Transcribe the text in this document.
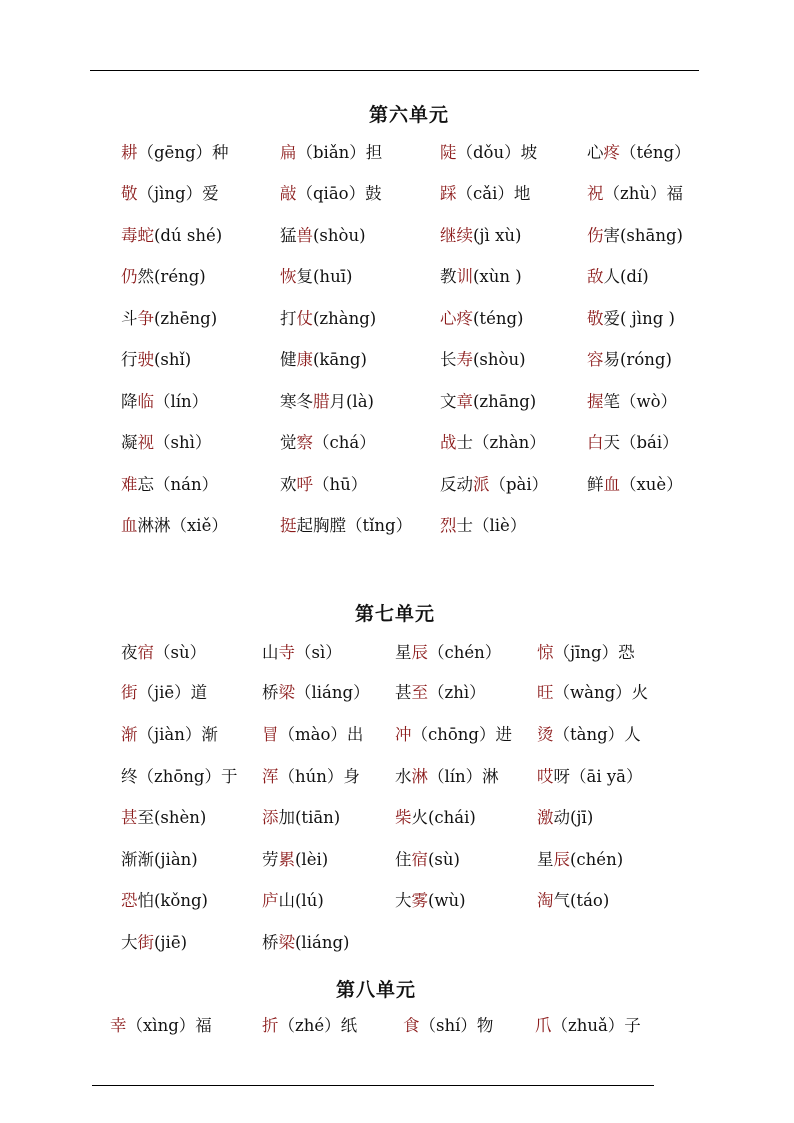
第六单元
第七单元
第八单元
耕（gēng）种	扁（biǎn）担	陡（dǒu）坡	心疼（téng）
敬（jìng）爱	敲（qiāo）鼓	踩（cǎi）地	祝（zhù）福
毒蛇(dú shé)	猛兽(shòu)	继续(jì xù)	伤害(shāng)
仍然(réng)	恢复(huī)	教训(xùn )	敌人(dí)
斗争(zhēng)	打仗(zhàng)	心疼(téng)	敬爱( jìng )
行驶(shǐ)	健康(kāng)	长寿(shòu)	容易(róng)
降临（lín）	寒冬腊月(là)	文章(zhāng)	握笔（wò）
凝视（shì）	觉察（chá）	战士（zhàn） 白天（bái）
难忘（nán）	欢呼（hū）	反动派（pài） 鲜血（xuè）
血淋淋（xiě）	挺起胸膛（tǐng） 烈士（liè）
夜宿（sù）	山寺（sì）	星辰（chén） 惊（jīng）恐
街（jiē）道	桥梁（liáng） 甚至（zhì）	旺（wàng）火
渐（jiàn）渐	冒（mào）出 冲（chōng）进 烫（tàng）人
终（zhōng）于 浑（hún）身 水淋（lín）淋 哎呀（āi yā）
甚至(shèn)	添加(tiān)	柴火(chái)	激动(jī)
渐渐(jiàn)	劳累(lèi)	住宿(sù)	星辰(chén)
恐怕(kǒng)	庐山(lú)	大雾(wù)	淘气(táo)
大街(jiē)	桥梁(liáng)
幸（xìng）福	折（zhé）纸	食（shí）物	爪（zhuǎ）子
